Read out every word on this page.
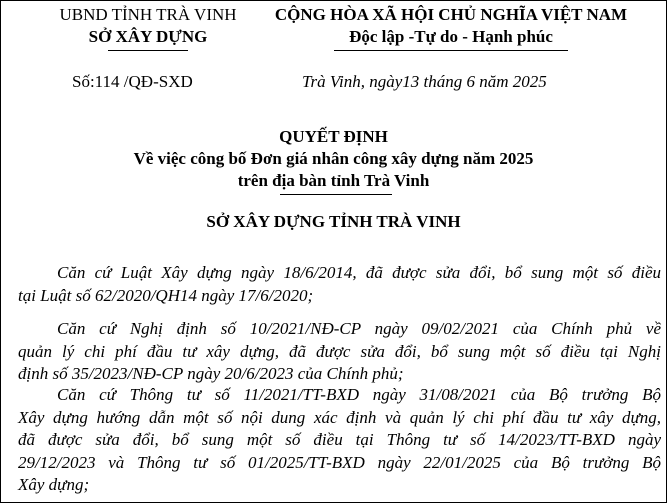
UBND TỈNH TRÀ VINH
SỞ XÂY DỰNG
CỘNG HÒA XÃ HỘI CHỦ NGHĨA VIỆT NAM
Độc lập -Tự do - Hạnh phúc
Số:114 /QĐ-SXD	Trà Vinh, ngày13 tháng 6 năm 2025
QUYẾT ĐỊNH
Về việc công bố Đơn giá nhân công xây dựng năm 2025
trên địa bàn tỉnh Trà Vinh
SỞ XÂY DỰNG TỈNH TRÀ VINH
Căn cứ Luật Xây dựng ngày 18/6/2014, đã được sửa đổi, bổ sung một số điều
tại Luật số 62/2020/QH14 ngày 17/6/2020;
Căn cứ Nghị định số 10/2021/NĐ-CP ngày 09/02/2021 của Chính phủ về
quản lý chi phí đầu tư xây dựng, đã được sửa đổi, bổ sung một số điều tại Nghị
định số 35/2023/NĐ-CP ngày 20/6/2023 của Chính phủ;
Căn cứ Thông tư số 11/2021/TT-BXD ngày 31/08/2021 của Bộ trưởng Bộ
Xây dựng hướng dẫn một số nội dung xác định và quản lý chi phí đầu tư xây dựng,
đã được sửa đổi, bổ sung một số điều tại Thông tư số 14/2023/TT-BXD ngày
29/12/2023 và Thông tư số 01/2025/TT-BXD ngày 22/01/2025 của Bộ trưởng Bộ
Xây dựng;
